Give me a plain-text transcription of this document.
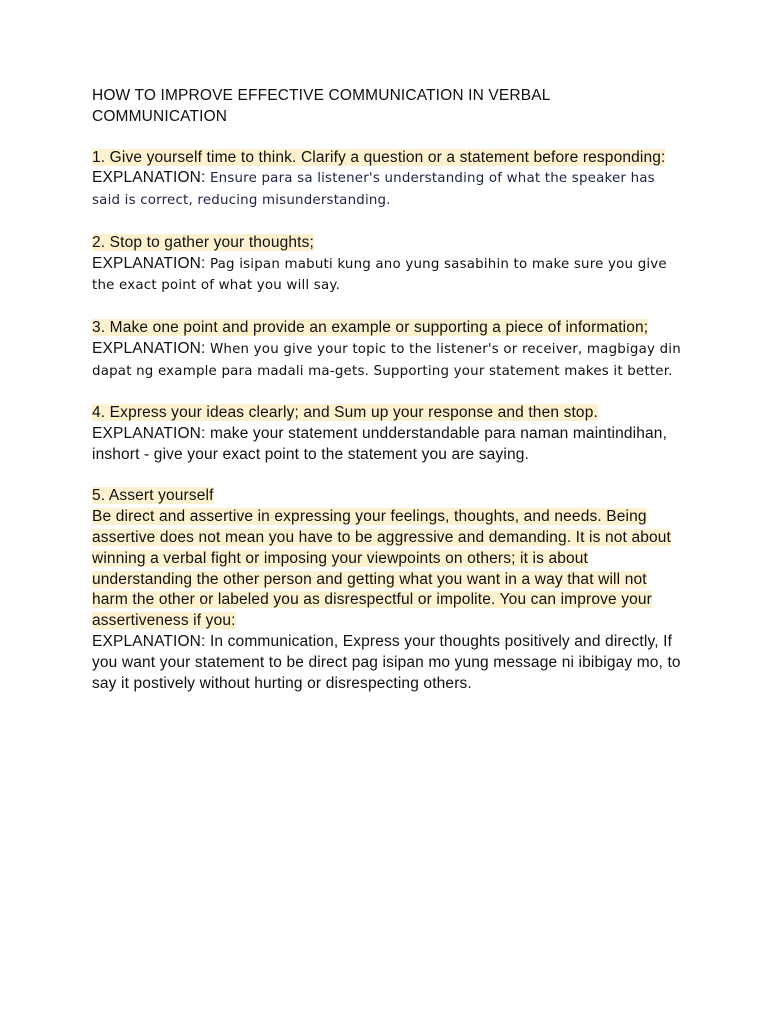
HOW TO IMPROVE EFFECTIVE COMMUNICATION IN VERBAL COMMUNICATION

1. Give yourself time to think. Clarify a question or a statement before responding:
EXPLANATION: Ensure para sa listener's understanding of what the speaker has said is correct, reducing misunderstanding.
2. Stop to gather your thoughts;
EXPLANATION: Pag isipan mabuti kung ano yung sasabihin to make sure you give the exact point of what you will say.
3. Make one point and provide an example or supporting a piece of information;
EXPLANATION: When you give your topic to the listener's or receiver, magbigay din dapat ng example para madali ma-gets. Supporting your statement makes it better.
4. Express your ideas clearly; and Sum up your response and then stop.
EXPLANATION: make your statement undderstandable para naman maintindihan, inshort - give your exact point to the statement you are saying.
5. Assert yourself
Be direct and assertive in expressing your feelings, thoughts, and needs. Being assertive does not mean you have to be aggressive and demanding. It is not about winning a verbal fight or imposing your viewpoints on others; it is about understanding the other person and getting what you want in a way that will not harm the other or labeled you as disrespectful or impolite. You can improve your assertiveness if you:
EXPLANATION: In communication, Express your thoughts positively and directly, If you want your statement to be direct pag isipan mo yung message ni ibibigay mo, to say it postively without hurting or disrespecting others.
